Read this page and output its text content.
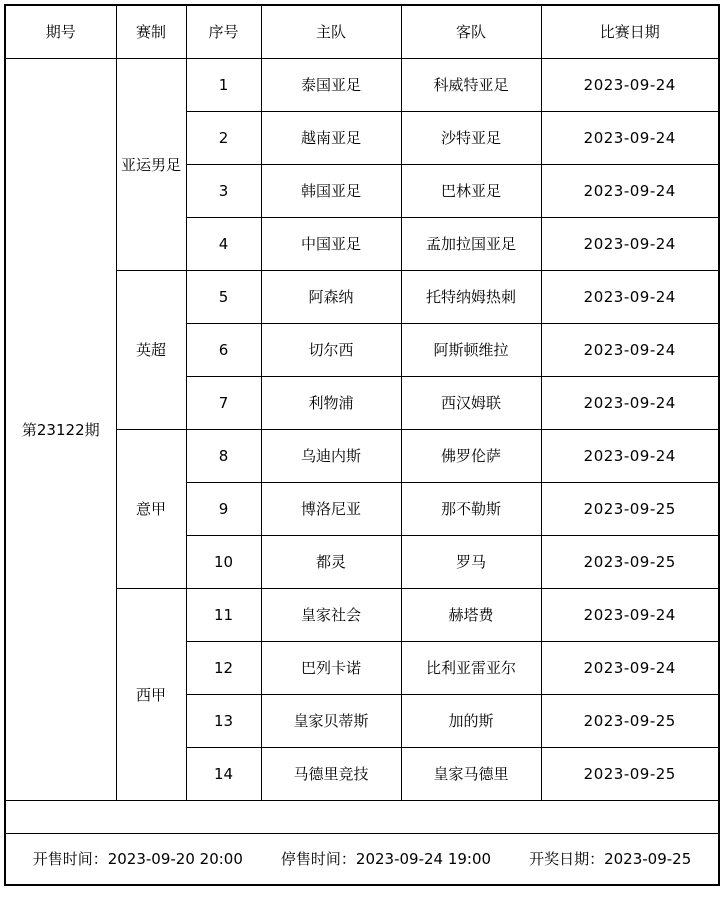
期号	赛制	序号	主队	客队	比赛日期
第23122期	亚运男足	1	泰国亚足	科威特亚足	2023-09-24
		2	越南亚足	沙特亚足	2023-09-24
		3	韩国亚足	巴林亚足	2023-09-24
		4	中国亚足	孟加拉国亚足	2023-09-24
	英超	5	阿森纳	托特纳姆热刺	2023-09-24
		6	切尔西	阿斯顿维拉	2023-09-24
		7	利物浦	西汉姆联	2023-09-24
	意甲	8	乌迪内斯	佛罗伦萨	2023-09-24
		9	博洛尼亚	那不勒斯	2023-09-25
		10	都灵	罗马	2023-09-25
	西甲	11	皇家社会	赫塔费	2023-09-24
		12	巴列卡诺	比利亚雷亚尔	2023-09-24
		13	皇家贝蒂斯	加的斯	2023-09-25
		14	马德里竞技	皇家马德里	2023-09-25

开售时间：2023-09-20 20:00 停售时间：2023-09-24 19:00 开奖日期：2023-09-25					
